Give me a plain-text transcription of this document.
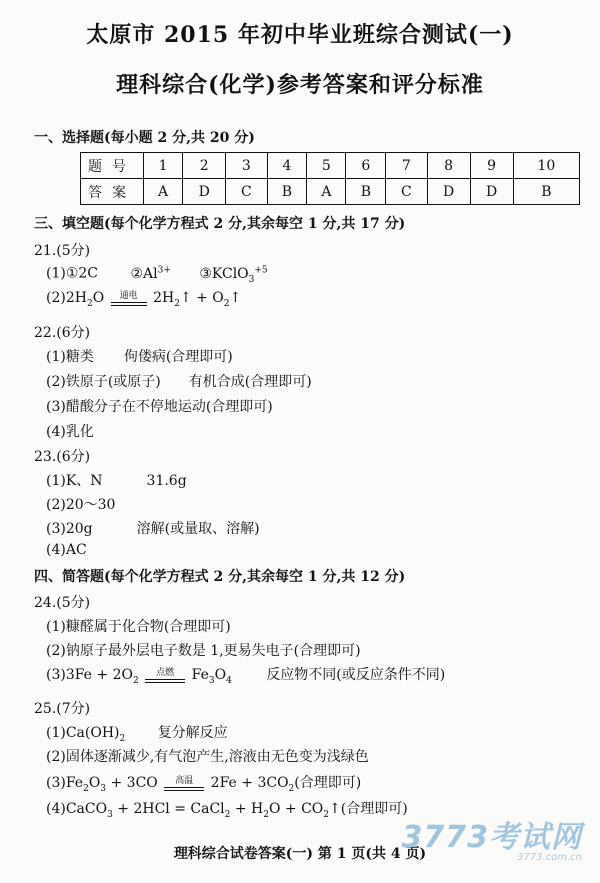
太原市 2015 年初中毕业班综合测试(一)
理科综合(化学)参考答案和评分标准
一、选择题(每小题 2 分,共 20 分)
题号	1	2	3	4	5	6	7	8	9	10
答案	A	D	C	B	A	B	C	D	D	B
三、填空题(每个化学方程式 2 分,其余每空 1 分,共 17 分)
21.(5分)
(1)①2C $②Al^{3+}$ ③KClO$_3^{+5}$
$(2)2H_2O$	通电	$2H_2↑$ + $O_2↑$
22.(6分)
(1)糖类 佝偻病(合理即可)
(2)铁原子(或原子) 有机合成(合理即可)
(3)醋酸分子在不停地运动(合理即可)
(4)乳化
23.(6分)
(1)K、N	31.6g
(2)20～30
(3)20g	溶解(或量取、溶解)
(4)AC
四、简答题(每个化学方程式 2 分,其余每空 1 分,共 12 分)
24.(5分)
(1)糠醛属于化合物(合理即可)
(2)钠原子最外层电子数是 1,更易失电子(合理即可)
$(3)3Fe + 2O_2$
点燃	$Fe_3O_4$ 反应物不同(或反应条件不同)
25.(7分)
$(1)Ca(OH)_2$ 复分解反应
(2)固体逐渐减少,有气泡产生,溶液由无色变为浅绿色
$(3)Fe_2O_3 + 3CO$	高温	$2Fe + 3CO_2$(合理即可)
(4)CaCO$_3$ + 2HCl = CaCl$_2$ + $H_2O$ + $CO_2↑$(合理即可)
理科综合试卷答案(一) 第 1 页(共 4 页)
3773考试网
3773.com.cn
